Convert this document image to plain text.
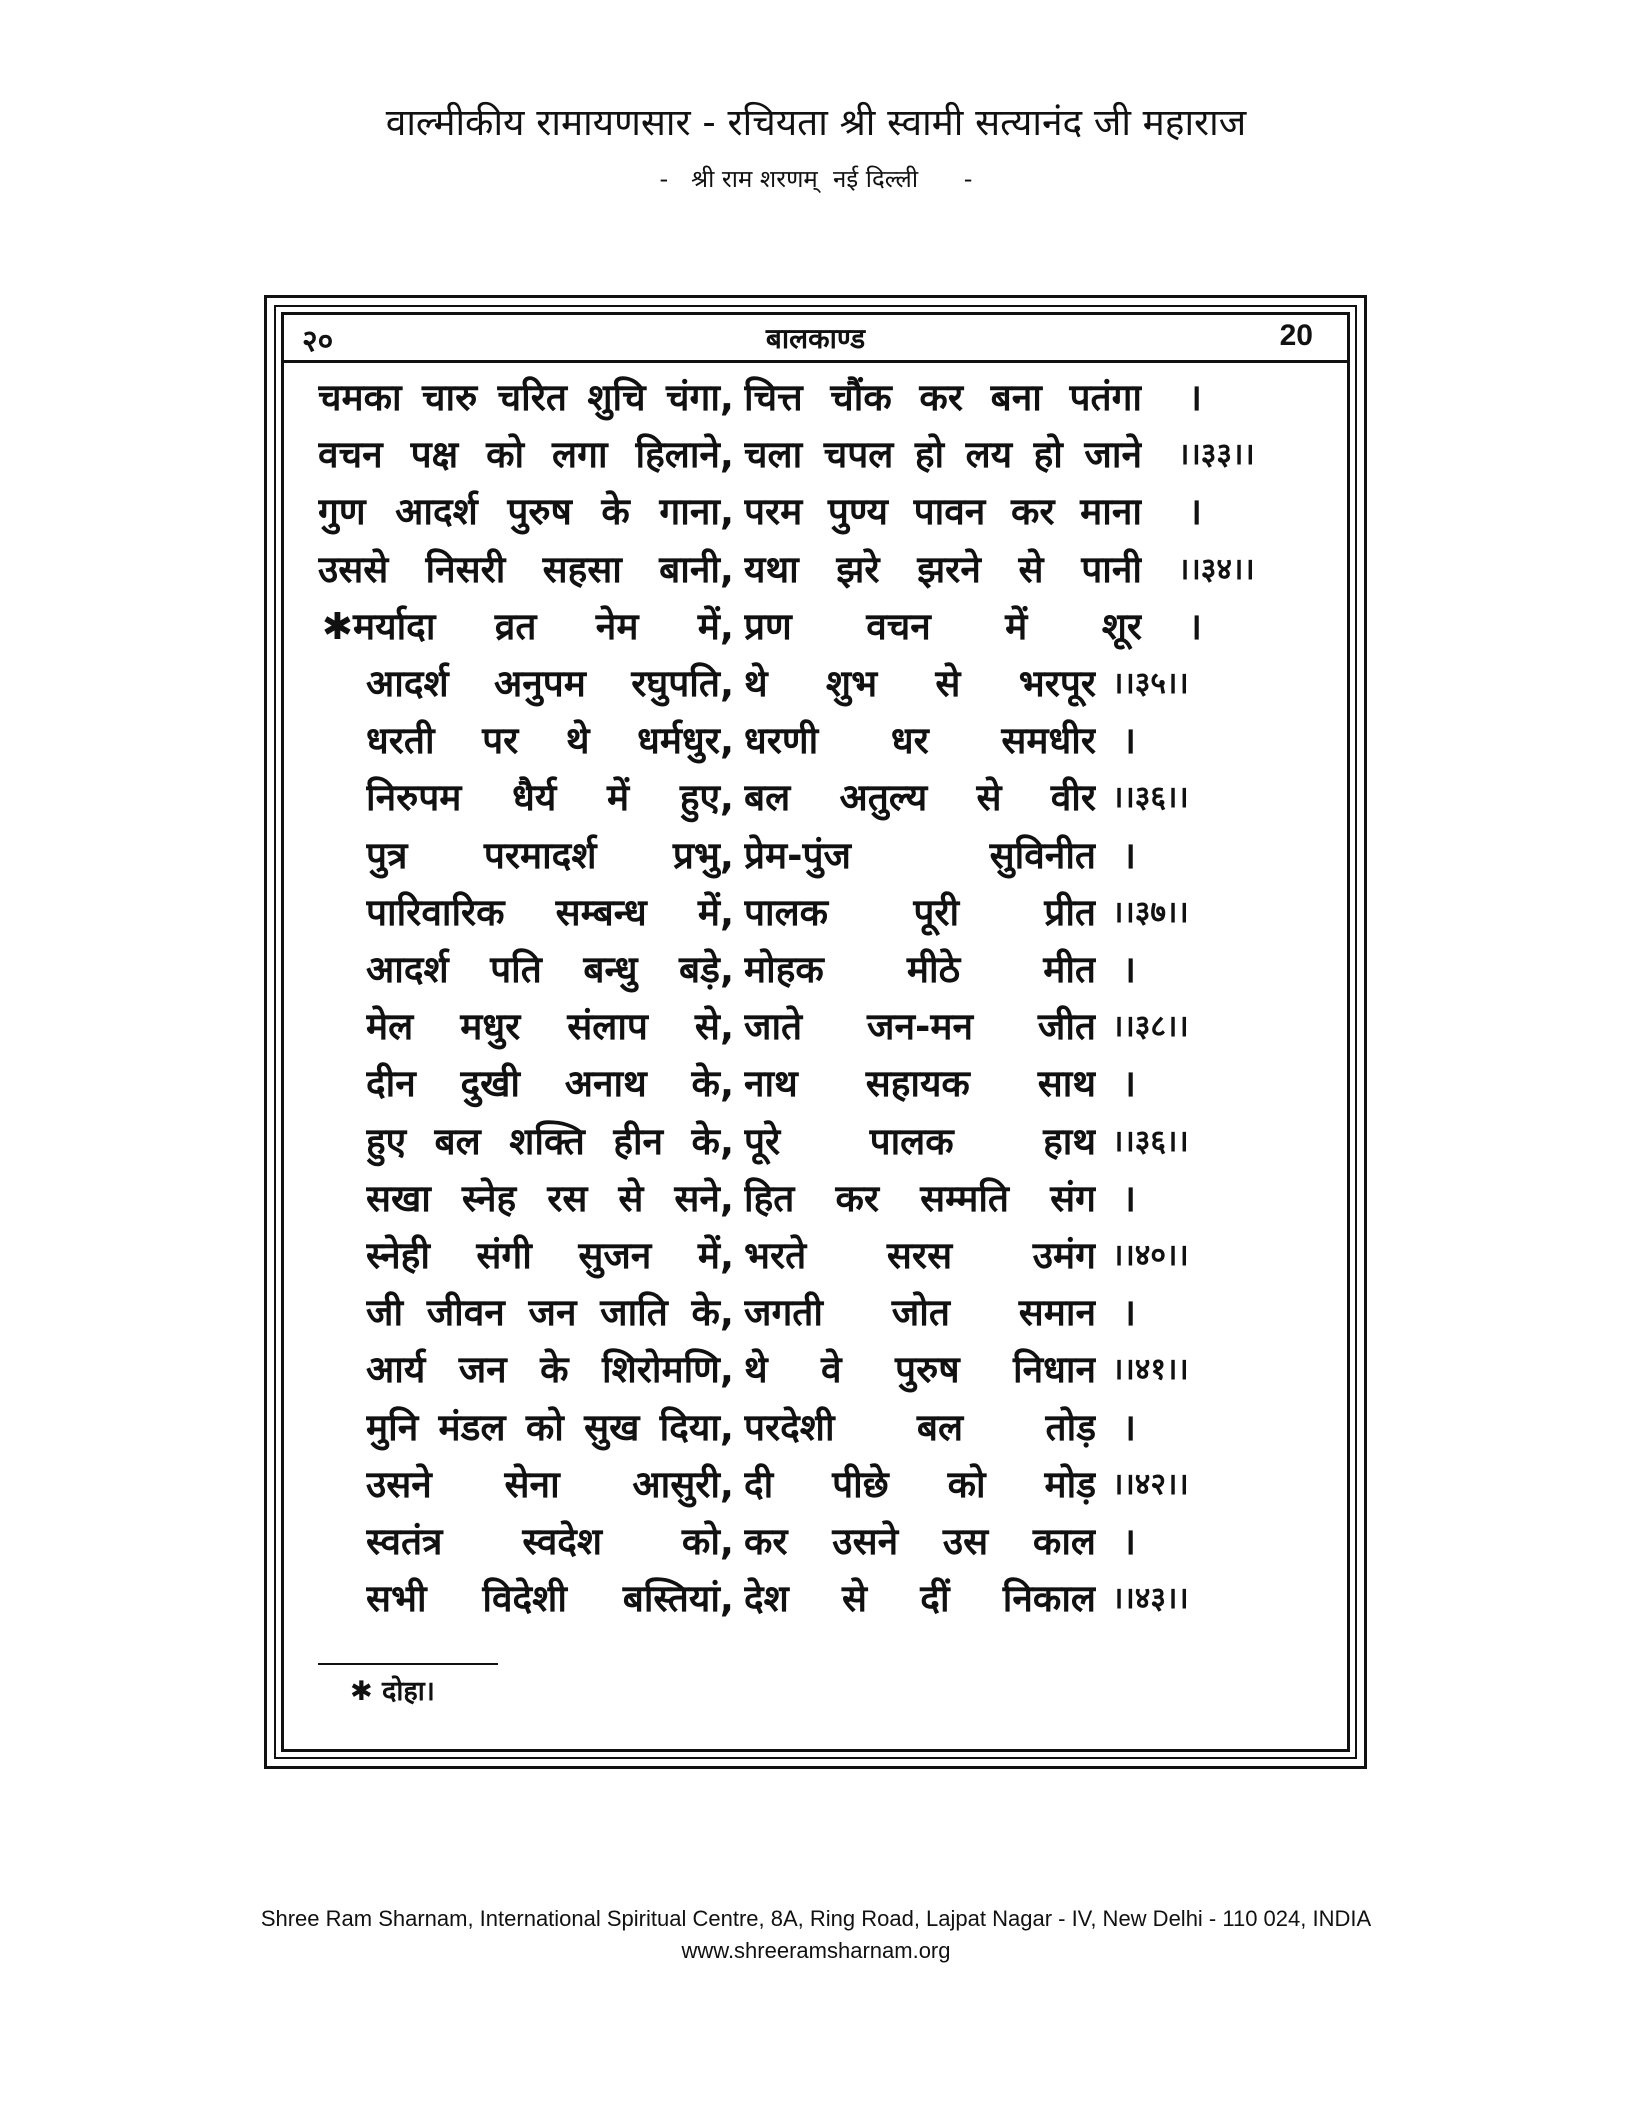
वाल्मीकीय रामायणसार - रचियता श्री स्वामी सत्यानंद जी महाराज
-   श्री राम शरणम्  नई दिल्ली      -
२०	बालकाण्ड	20
चमका चारु चरित शुचि चंगा, चित्त चौंक कर बना पतंगा ।
वचन पक्ष को लगा हिलाने, चला चपल हो लय हो जाने ।।३३।।
गुण आदर्श पुरुष के गाना, परम पुण्य पावन कर माना ।
उससे निसरी सहसा बानी, यथा झरे झरने से पानी ।।३४।।
✱मर्यादा व्रत नेम में, प्रण वचन में शूर ।
आदर्श अनुपम रघुपति, थे शुभ से भरपूर ।।३५।।
धरती पर थे धर्मधुर, धरणी धर समधीर ।
निरुपम धैर्य में हुए, बल अतुल्य से वीर ।।३६।।
पुत्र परमादर्श प्रभु, प्रेम-पुंज सुविनीत ।
पारिवारिक सम्बन्ध में, पालक पूरी प्रीत ।।३७।।
आदर्श पति बन्धु बड़े, मोहक मीठे मीत ।
मेल मधुर संलाप से, जाते जन-मन जीत ।।३८।।
दीन दुखी अनाथ के, नाथ सहायक साथ ।
हुए बल शक्ति हीन के, पूरे पालक हाथ ।।३६।।
सखा स्नेह रस से सने, हित कर सम्मति संग ।
स्नेही संगी सुजन में, भरते सरस उमंग ।।४०।।
जी जीवन जन जाति के, जगती जोत समान ।
आर्य जन के शिरोमणि, थे वे पुरुष निधान ।।४१।।
मुनि मंडल को सुख दिया, परदेशी बल तोड़ ।
उसने सेना आसुरी, दी पीछे को मोड़ ।।४२।।
स्वतंत्र स्वदेश को, कर उसने उस काल ।
सभी विदेशी बस्तियां, देश से दीं निकाल ।।४३।।
✱ दोहा।
Shree Ram Sharnam, International Spiritual Centre, 8A, Ring Road, Lajpat Nagar - IV, New Delhi - 110 024, INDIA
www.shreeramsharnam.org
